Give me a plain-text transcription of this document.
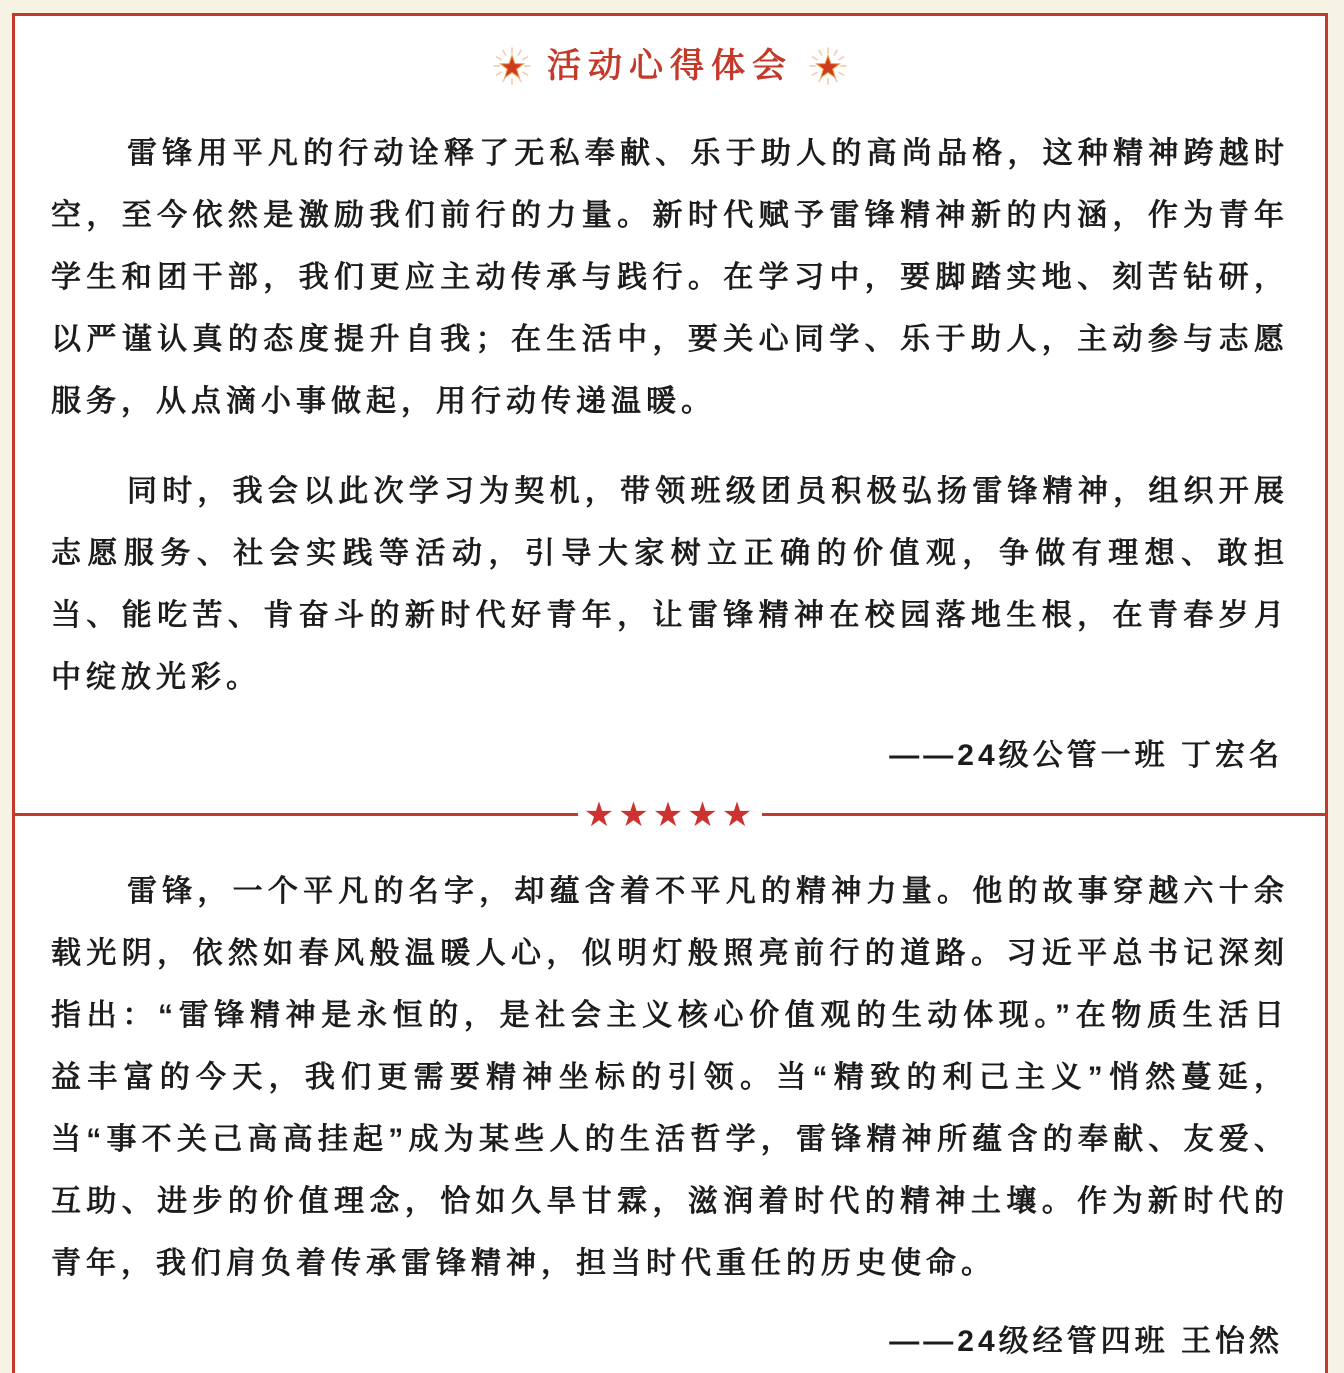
活动心得体会

雷锋用平凡的行动诠释了无私奉献、乐于助人的高尚品格，这种精神跨越时空，至今依然是激励我们前行的力量。新时代赋予雷锋精神新的内涵，作为青年学生和团干部，我们更应主动传承与践行。在学习中，要脚踏实地、刻苦钻研，以严谨认真的态度提升自我；在生活中，要关心同学、乐于助人，主动参与志愿服务，从点滴小事做起，用行动传递温暖。

同时，我会以此次学习为契机，带领班级团员积极弘扬雷锋精神，组织开展志愿服务、社会实践等活动，引导大家树立正确的价值观，争做有理想、敢担当、能吃苦、肯奋斗的新时代好青年，让雷锋精神在校园落地生根，在青春岁月中绽放光彩。

——24级公管一班 丁宏名

★★★★★

雷锋，一个平凡的名字，却蕴含着不平凡的精神力量。他的故事穿越六十余载光阴，依然如春风般温暖人心，似明灯般照亮前行的道路。习近平总书记深刻指出：“雷锋精神是永恒的，是社会主义核心价值观的生动体现。”在物质生活日益丰富的今天，我们更需要精神坐标的引领。当“精致的利己主义”悄然蔓延，当“事不关己高高挂起”成为某些人的生活哲学，雷锋精神所蕴含的奉献、友爱、互助、进步的价值理念，恰如久旱甘霖，滋润着时代的精神土壤。作为新时代的青年，我们肩负着传承雷锋精神，担当时代重任的历史使命。

——24级经管四班 王怡然
